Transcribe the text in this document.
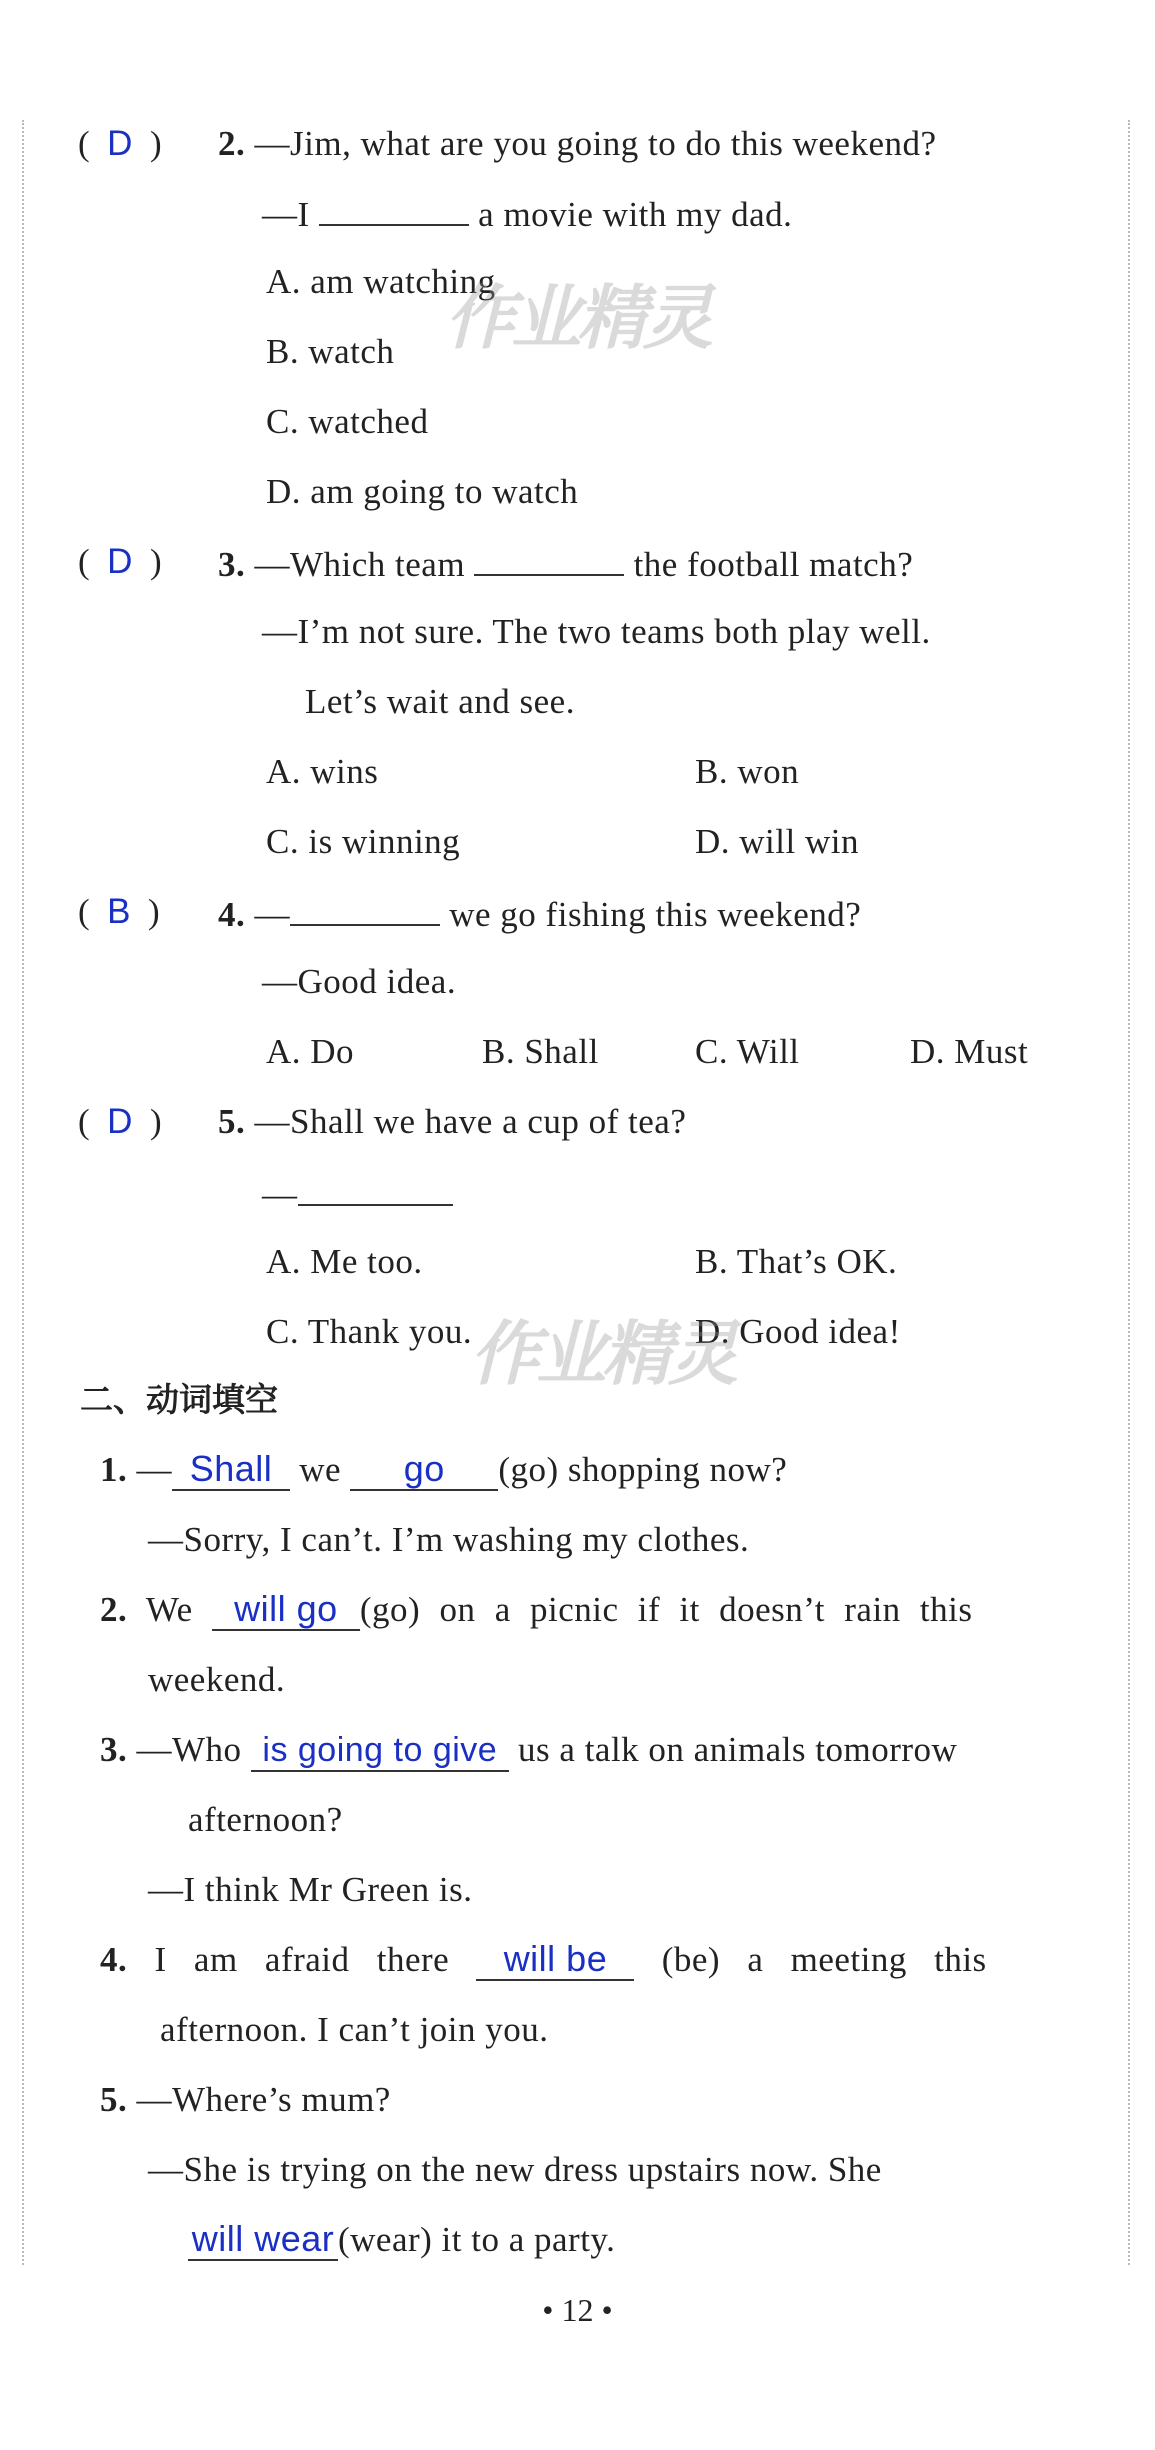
(  D  ) 2. —Jim, what are you going to do this weekend?
—I	a movie with my dad.
A. am watching
B. watch
C. watched
D. am going to watch
作业精灵
(  D  ) 3. —Which team	the football match?
—I’m not sure. The two teams both play well.
Let’s wait and see.
A. wins	B. won
C. is winning	D. will win
(  B  ) 4. —	we go fishing this weekend?
—Good idea.
A. Do	B. Shall	C. Will	D. Must
(  D  ) 5. —Shall we have a cup of tea?
—
A. Me too.	B. That’s OK.
C. Thank you.	D. Good idea!
作业精灵
二、动词填空
1. — Shall we go (go) shopping now?
—Sorry, I can’t. I’m washing my clothes.
2. We will go (go) on a picnic if it doesn’t rain this
weekend.
3. —Who is going to give us a talk on animals tomorrow
afternoon?
—I think Mr Green is.
4. I am afraid there will be (be) a meeting this
afternoon. I can’t join you.
5. —Where’s mum?
—She is trying on the new dress upstairs now. She
will wear (wear) it to a party.
• 12 •
